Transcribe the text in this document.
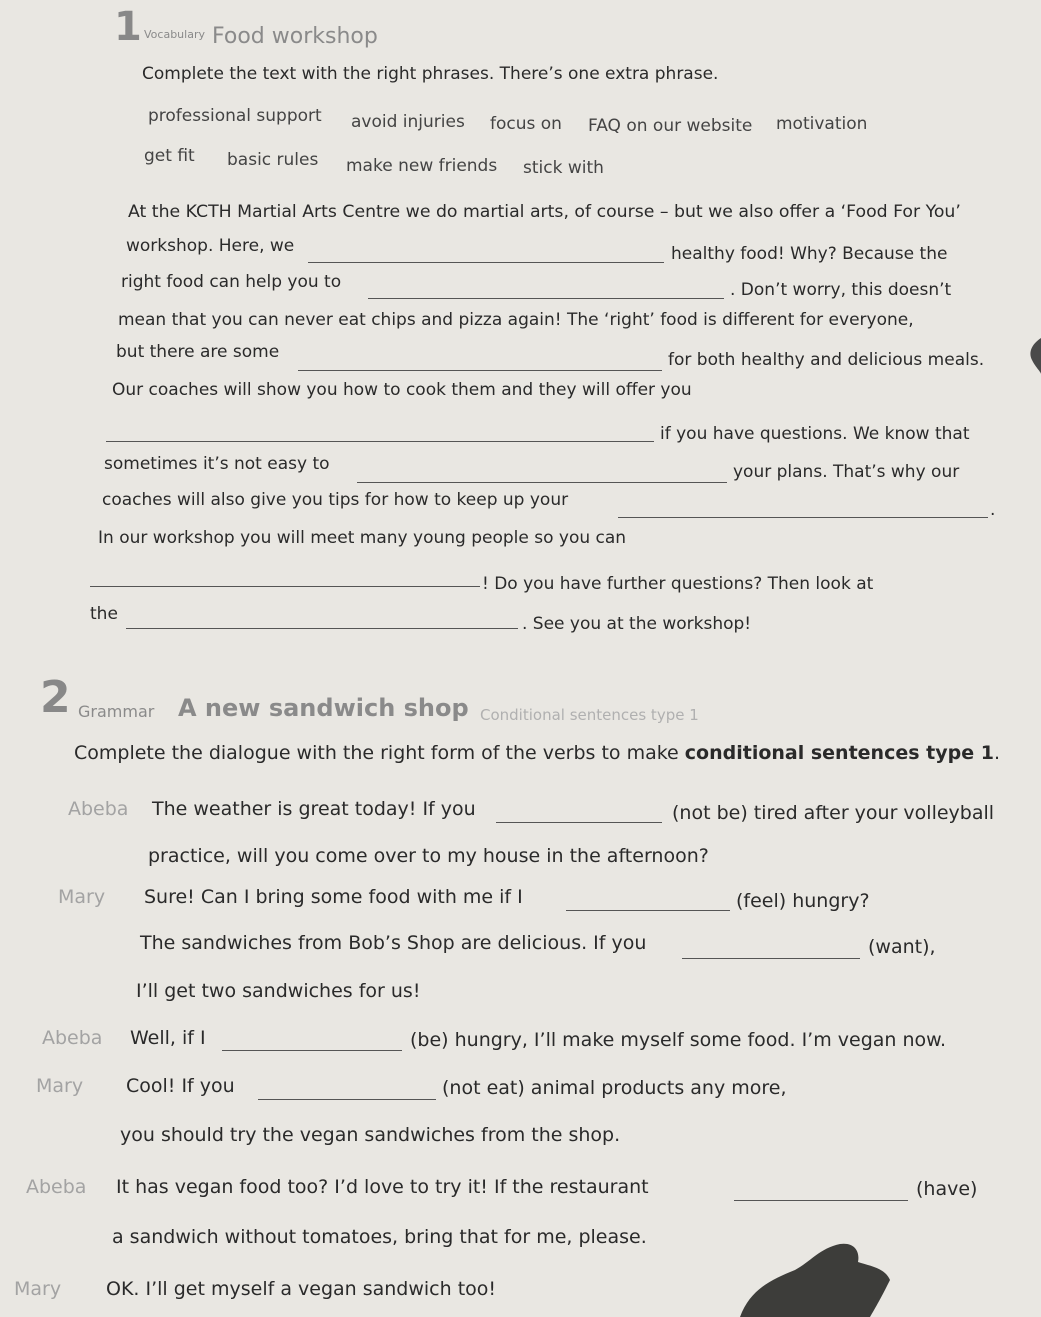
1 Vocabulary Food workshop
Complete the text with the right phrases. There’s one extra phrase.
professional support avoid injuries focus on FAQ on our website motivation
get fit basic rules make new friends stick with
At the KCTH Martial Arts Centre we do martial arts, of course – but we also offer a ‘Food For You’
workshop. Here, we	healthy food! Why? Because the
right food can help you to	. Don’t worry, this doesn’t
mean that you can never eat chips and pizza again! The ‘right’ food is different for everyone,
but there are some	for both healthy and delicious meals.
Our coaches will show you how to cook them and they will offer you
if you have questions. We know that
sometimes it’s not easy to	your plans. That’s why our
coaches will also give you tips for how to keep up your	.
In our workshop you will meet many young people so you can
! Do you have further questions? Then look at
the	. See you at the workshop!
2 Grammar A new sandwich shop Conditional sentences type 1
Complete the dialogue with the right form of the verbs to make conditional sentences type 1.
Abeba The weather is great today! If you	(not be) tired after your volleyball
practice, will you come over to my house in the afternoon?
Mary Sure! Can I bring some food with me if I	(feel) hungry?
The sandwiches from Bob’s Shop are delicious. If you	(want),
I’ll get two sandwiches for us!
Abeba Well, if I	(be) hungry, I’ll make myself some food. I’m vegan now.
Mary Cool! If you	(not eat) animal products any more,
you should try the vegan sandwiches from the shop.
Abeba It has vegan food too? I’d love to try it! If the restaurant	(have)
a sandwich without tomatoes, bring that for me, please.
Mary OK. I’ll get myself a vegan sandwich too!
